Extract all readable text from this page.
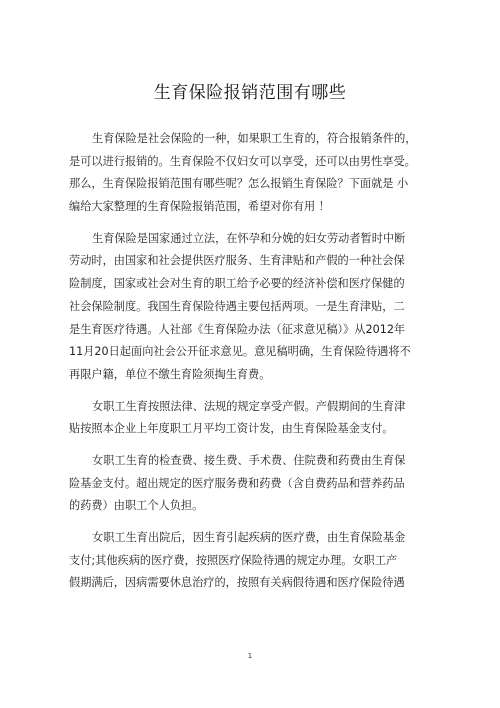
生育保险报销范围有哪些
生育保险是社会保险的一种，如果职工生育的，符合报销条件的，
是可以进行报销的。生育保险不仅妇女可以享受，还可以由男性享受。
那么，生育保险报销范围有哪些呢？怎么报销生育保险？下面就是 小
编给大家整理的生育保险报销范围，希望对你有用 ！
生育保险是国家通过立法，在怀孕和分娩的妇女劳动者暂时中断
劳动时，由国家和社会提供医疗服务、生育津贴和产假的一种社会保
险制度，国家或社会对生育的职工给予必要的经济补偿和医疗保健的
社会保险制度。我国生育保险待遇主要包括两项。一是生育津贴，二
是生育医疗待遇。人社部《生育保险办法（征求意见稿）》从2012年
11月20日起面向社会公开征求意见。意见稿明确，生育保险待遇将不
再限户籍，单位不缴生育险须掏生育费。
女职工生育按照法律、法规的规定享受产假。产假期间的生育津
贴按照本企业上年度职工月平均工资计发，由生育保险基金支付。
女职工生育的检查费、接生费、手术费、住院费和药费由生育保
险基金支付。超出规定的医疗服务费和药费（含自费药品和营养药品
的药费）由职工个人负担。
女职工生育出院后，因生育引起疾病的医疗费，由生育保险基金
支付;其他疾病的医疗费，按照医疗保险待遇的规定办理。女职工产
假期满后，因病需要休息治疗的，按照有关病假待遇和医疗保险待遇
1
